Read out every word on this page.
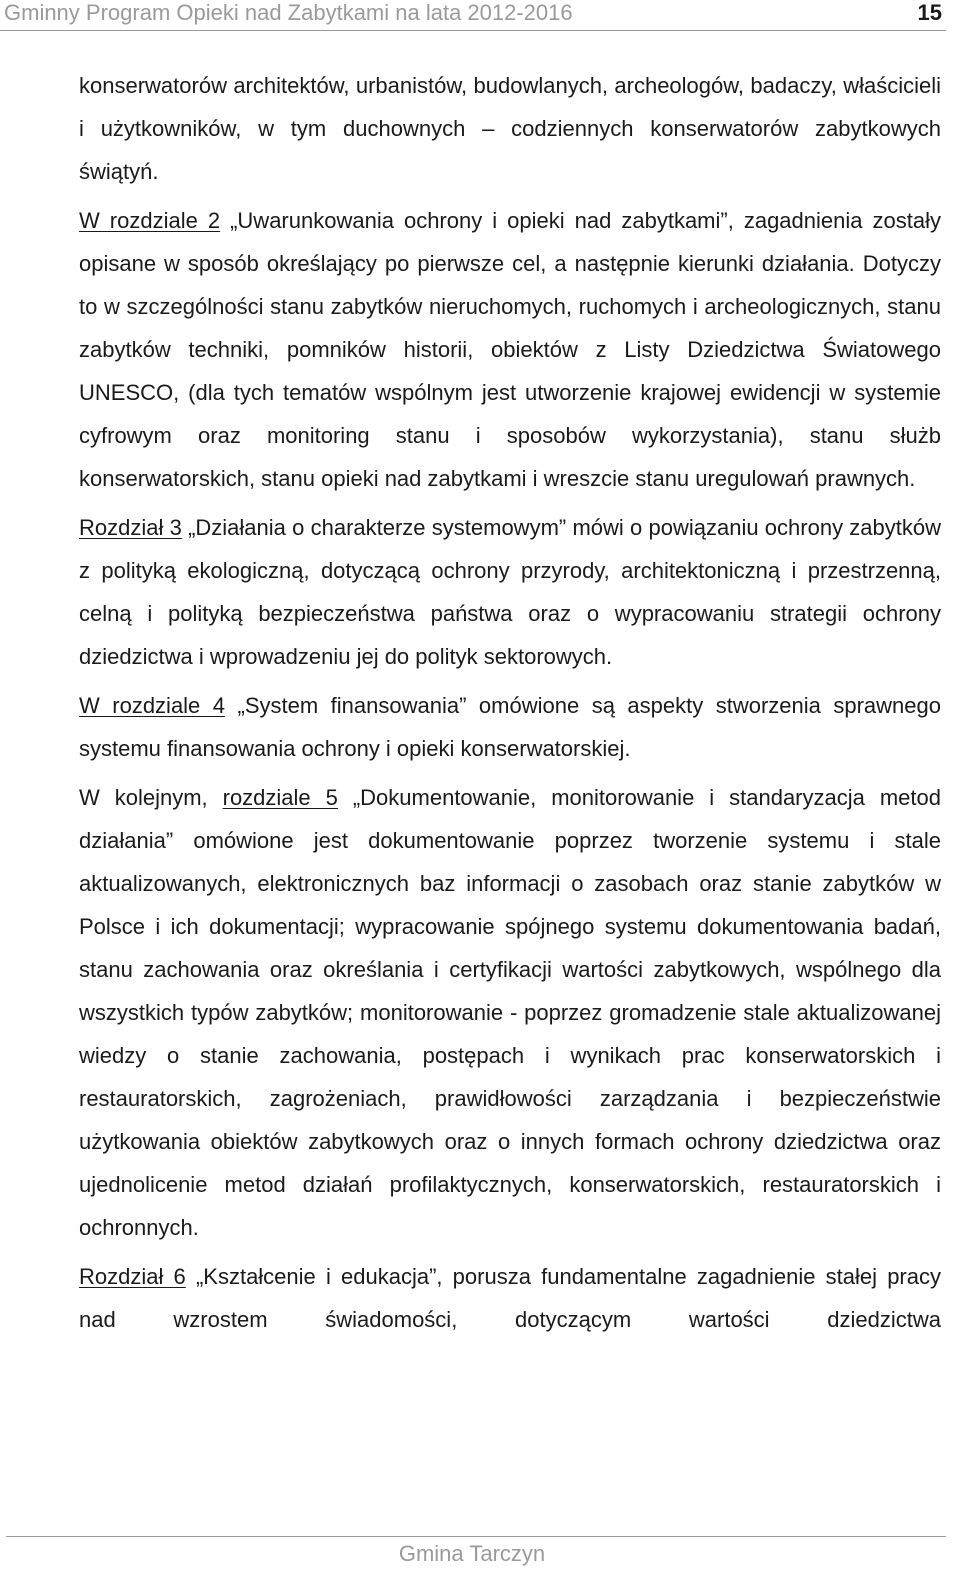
Gminny Program Opieki nad Zabytkami na lata 2012-2016	15

konserwatorów architektów, urbanistów, budowlanych, archeologów, badaczy, właścicieli i użytkowników, w tym duchownych – codziennych konserwatorów zabytkowych świątyń.

W rozdziale 2 „Uwarunkowania ochrony i opieki nad zabytkami”, zagadnienia zostały opisane w sposób określający po pierwsze cel, a następnie kierunki działania. Dotyczy to w szczególności stanu zabytków nieruchomych, ruchomych i archeologicznych, stanu zabytków techniki, pomników historii, obiektów z Listy Dziedzictwa Światowego UNESCO, (dla tych tematów wspólnym jest utworzenie krajowej ewidencji w systemie cyfrowym oraz monitoring stanu i sposobów wykorzystania), stanu służb konserwatorskich, stanu opieki nad zabytkami i wreszcie stanu uregulowań prawnych.

Rozdział 3 „Działania o charakterze systemowym” mówi o powiązaniu ochrony zabytków z polityką ekologiczną, dotyczącą ochrony przyrody, architektoniczną i przestrzenną, celną i polityką bezpieczeństwa państwa oraz o wypracowaniu strategii ochrony dziedzictwa i wprowadzeniu jej do polityk sektorowych.

W rozdziale 4 „System finansowania” omówione są aspekty stworzenia sprawnego systemu finansowania ochrony i opieki konserwatorskiej.

W kolejnym, rozdziale 5 „Dokumentowanie, monitorowanie i standaryzacja metod działania” omówione jest dokumentowanie poprzez tworzenie systemu i stale aktualizowanych, elektronicznych baz informacji o zasobach oraz stanie zabytków w Polsce i ich dokumentacji; wypracowanie spójnego systemu dokumentowania badań, stanu zachowania oraz określania i certyfikacji wartości zabytkowych, wspólnego dla wszystkich typów zabytków; monitorowanie - poprzez gromadzenie stale aktualizowanej wiedzy o stanie zachowania, postępach i wynikach prac konserwatorskich i restauratorskich, zagrożeniach, prawidłowości zarządzania i bezpieczeństwie użytkowania obiektów zabytkowych oraz o innych formach ochrony dziedzictwa oraz ujednolicenie metod działań profilaktycznych, konserwatorskich, restauratorskich i ochronnych.

Rozdział 6 „Kształcenie i edukacja”, porusza fundamentalne zagadnienie stałej pracy nad wzrostem świadomości, dotyczącym wartości dziedzictwa

Gmina Tarczyn
